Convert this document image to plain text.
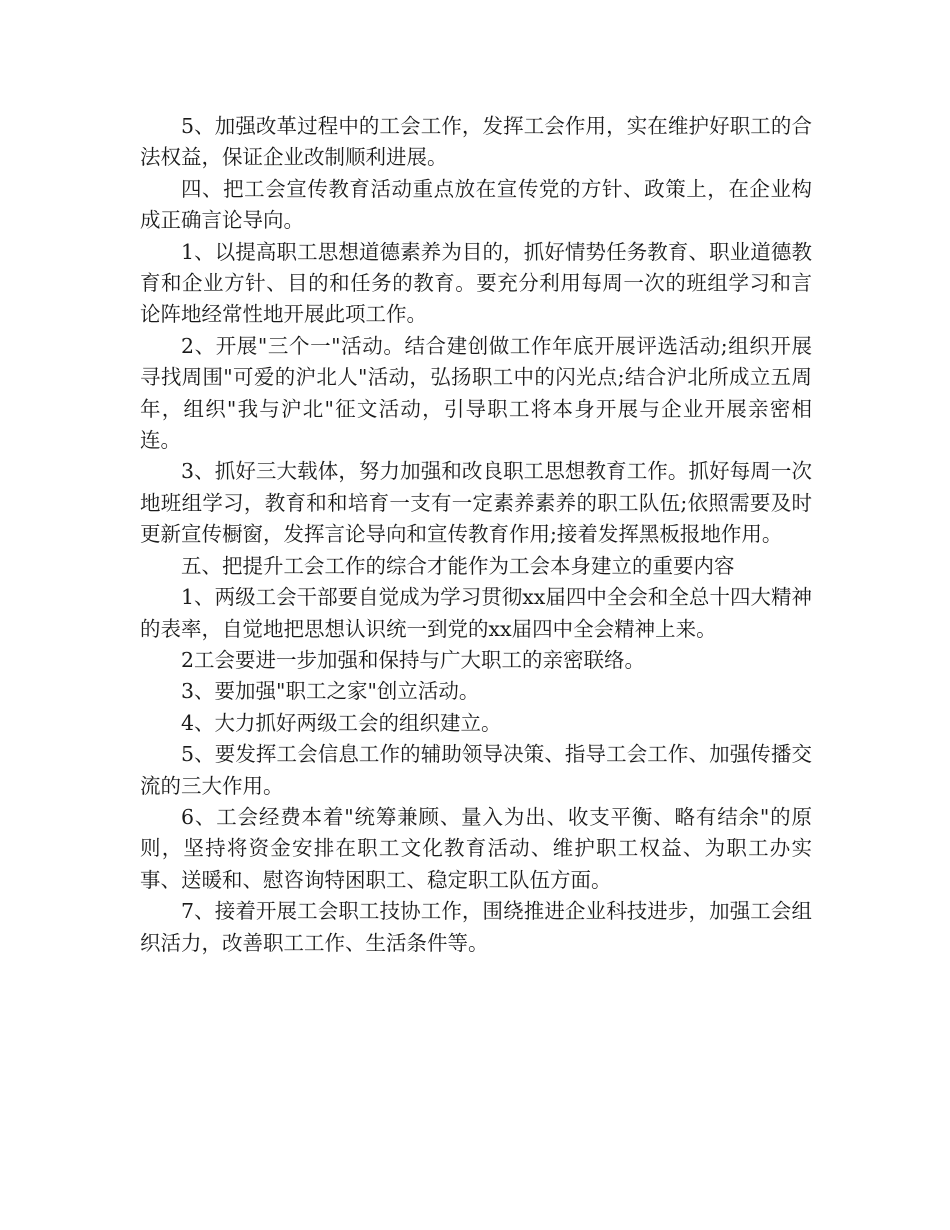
5、加强改革过程中的工会工作，发挥工会作用，实在维护好职工的合法权益，保证企业改制顺利进展。

四、把工会宣传教育活动重点放在宣传党的方针、政策上，在企业构成正确言论导向。

1、以提高职工思想道德素养为目的，抓好情势任务教育、职业道德教育和企业方针、目的和任务的教育。要充分利用每周一次的班组学习和言论阵地经常性地开展此项工作。

2、开展"三个一"活动。结合建创做工作年底开展评选活动;组织开展寻找周围"可爱的沪北人"活动，弘扬职工中的闪光点;结合沪北所成立五周年，组织"我与沪北"征文活动，引导职工将本身开展与企业开展亲密相连。

3、抓好三大载体，努力加强和改良职工思想教育工作。抓好每周一次地班组学习，教育和和培育一支有一定素养素养的职工队伍;依照需要及时更新宣传橱窗，发挥言论导向和宣传教育作用;接着发挥黑板报地作用。

五、把提升工会工作的综合才能作为工会本身建立的重要内容

1、两级工会干部要自觉成为学习贯彻xx届四中全会和全总十四大精神的表率，自觉地把思想认识统一到党的xx届四中全会精神上来。

2工会要进一步加强和保持与广大职工的亲密联络。

3、要加强"职工之家"创立活动。

4、大力抓好两级工会的组织建立。

5、要发挥工会信息工作的辅助领导决策、指导工会工作、加强传播交流的三大作用。

6、工会经费本着"统筹兼顾、量入为出、收支平衡、略有结余"的原则，坚持将资金安排在职工文化教育活动、维护职工权益、为职工办实事、送暖和、慰咨询特困职工、稳定职工队伍方面。

7、接着开展工会职工技协工作，围绕推进企业科技进步，加强工会组织活力，改善职工工作、生活条件等。
